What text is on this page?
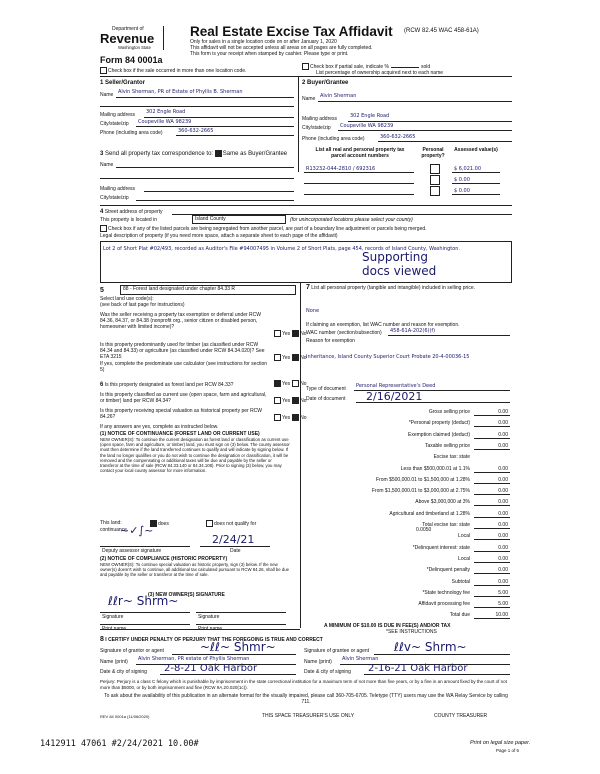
Department of
Revenue
Washington State
Form 84 0001a
Real Estate Excise Tax Affidavit (RCW 82.45 WAC 458-61A)
Only for sales in a single location code on or after January 1, 2020
This affidavit will not be accepted unless all areas on all pages are fully completed.
This form is your receipt when stamped by cashier. Please type or print.
Check box if the sale occurred in more than one location code.
Check box if partial sale, indicate %	sold
List percentage of ownership acquired next to each name
1 Seller/Grantor
Name Alvin Sherman, PR of Estate of Phyllis B. Sherman
Mailing address 302 Engle Road
City/state/zip Coupeville WA 98239
Phone (including area code)	360-632-2665
2 Buyer/Grantee
Name Alvin Sherman
Mailing address	302 Engle Road
City/state/zip Coupeville WA 98239
Phone (including area code)	360-632-2665
3 Send all property tax correspondence to: Same as Buyer/Grantee
Name
Mailing address
City/state/zip
List all real and personal property tax parcel account numbers
Personal property?
Assessed value(s)
R13232-044-2810 / 692316	$ 6,021.00
$ 0.00
$ 0.00
4 Street address of property
This property is located in	Island County	(for unincorporated locations please select your county)
Check box if any of the listed parcels are being segregated from another parcel, are part of a boundary line adjustment or parcels being merged.
Legal description of property (if you need more space, attach a separate sheet to each page of the affidavit)
Lot 2 of Short Plat #02/493, recorded as Auditor's File #94007495 in Volume 2 of Short Plats, page 454, records of Island County, Washington.
Supporting
docs viewed
5	88 - Forest land designated under chapter 84.33 R
Select land use code(s):
(see back of last page for instructions)
Was the seller receiving a property tax exemption or deferral under RCW 84.36, 84.37, or 84.38 (nonprofit org., senior citizen or disabled person, homeowner with limited income)?
Yes No
Is this property predominantly used for timber (as classified under RCW 84.34 and 84.33) or agriculture (as classified under RCW 84.34.020)? See ETA 3215	Yes No
If yes, complete the predominate use calculator (see instructions for section 5)
6 Is this property designated as forest land per RCW 84.33?	Yes No
Is this property classified as current use (open space, farm and agricultural, or timber) land per RCW 84.34?	Yes No
Is this property receiving special valuation as historical property per RCW 84.26?	Yes No
If any answers are yes, complete as instructed below.
(1) NOTICE OF CONTINUANCE (FOREST LAND OR CURRENT USE)
NEW OWNER(S): To continue the current designation as forest land or classification as current use (open space, farm and agriculture, or timber) land, you must sign on (3) below. The county assessor must then determine if the land transferred continues to qualify and will indicate by signing below. If the land no longer qualifies or you do not wish to continue the designation or classification, it will be removed and the compensating or additional taxes will be due and payable by the seller or transferor at the time of sale (RCW 84.33.140 or 84.34.108). Prior to signing (3) below, you may contact your local county assessor for more information.
This land:	does	does not qualify for
continuance.
~✓∫~
2/24/21
Deputy assessor signature	Date
(2) NOTICE OF COMPLIANCE (HISTORIC PROPERTY)
NEW OWNER(S): To continue special valuation as historic property, sign (3) below. If the new owner(s) doesn't wish to continue, all additional tax calculated pursuant to RCW 84.26, shall be due and payable by the seller or transferor at the time of sale.
(3) NEW OWNER(S) SIGNATURE
ℓℓr~ Shrm~
Signature	Signature
Print name	Print name
7 List all personal property (tangible and intangible) included in selling price.
None
If claiming an exemption, list WAC number and reason for exemption.
WAC number (section/subsection) 458-61A-202(6)(f)
Reason for exemption
Inheritance, Island County Superior Court Probate 20-4-00036-15
Type of document Personal Representative's Deed
Date of document 2/16/2021
Gross selling price	0.00
*Personal property (deduct)	0.00
Exemption claimed (deduct)	0.00
Taxable selling price	0.00
Excise tax: state
Less than $500,000.01 at 1.1%	0.00
From $500,000.01 to $1,500,000 at 1.28%	0.00
From $1,500,000.01 to $3,000,000 at 2.75%	0.00
Above $3,000,000 at 3%	0.00
Agricultural and timberland at 1.28%	0.00
Total excise tax: state	0.00
Local	0.00
*Delinquent interest: state	0.00
Local	0.00
*Delinquent penalty	0.00
Subtotal	0.00
*State technology fee	5.00
Affidavit processing fee	5.00
Total due	10.00
0.0050
A MINIMUM OF $10.00 IS DUE IN FEE(S) AND/OR TAX
*SEE INSTRUCTIONS
8 I CERTIFY UNDER PENALTY OF PERJURY THAT THE FOREGOING IS TRUE AND CORRECT
Signature of grantor or agent	~ℓℓ~ Shmr~
Name (print) Alvin Sherman, PR estate of Phyllis Sherman
Date & city of signing 2-8-21 Oak Harbor
Signature of grantee or agent ℓℓv~ Shrm~
Name (print) Alvin Sherman
Date & city of signing 2-16-21 Oak Harbor
Perjury: Perjury is a class C felony which is punishable by imprisonment in the state correctional institution for a maximum term of not more than five years, or by a fine in an amount fixed by the court of not more than $5000, or by both imprisonment and fine (RCW 9A.20.020(1c)).
To ask about the availability of this publication in an alternate format for the visually impaired, please call 360-705-6705. Teletype (TTY) users may use the WA Relay Service by calling 711.
REV 84 0001a (11/06/2020)	THIS SPACE TREASURER'S USE ONLY	COUNTY TREASURER
1412911 47061 #2/24/2021 10.00#	Print on legal size paper.
Page 1 of 6
